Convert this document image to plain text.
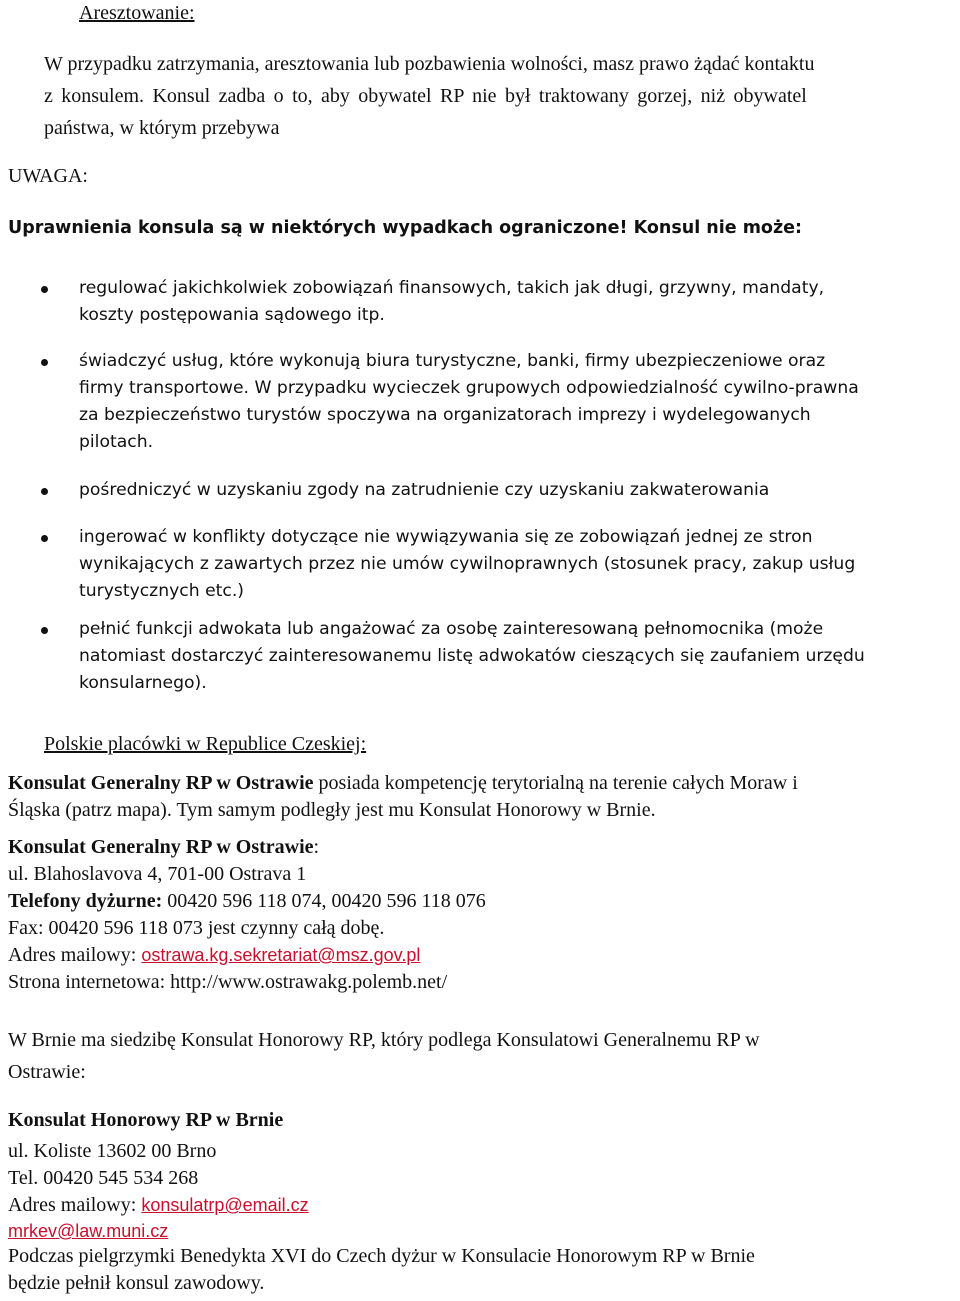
Aresztowanie:
W przypadku zatrzymania, aresztowania lub pozbawienia wolności, masz prawo żądać kontaktu
z konsulem. Konsul zadba o to, aby obywatel RP nie był traktowany gorzej, niż obywatel
państwa, w którym przebywa
UWAGA:
Uprawnienia konsula są w niektórych wypadkach ograniczone! Konsul nie może:
regulować jakichkolwiek zobowiązań finansowych, takich jak długi, grzywny, mandaty,
koszty postępowania sądowego itp.
świadczyć usług, które wykonują biura turystyczne, banki, firmy ubezpieczeniowe oraz
firmy transportowe. W przypadku wycieczek grupowych odpowiedzialność cywilno-prawna
za bezpieczeństwo turystów spoczywa na organizatorach imprezy i wydelegowanych
pilotach.
pośredniczyć w uzyskaniu zgody na zatrudnienie czy uzyskaniu zakwaterowania
ingerować w konflikty dotyczące nie wywiązywania się ze zobowiązań jednej ze stron
wynikających z zawartych przez nie umów cywilnoprawnych (stosunek pracy, zakup usług
turystycznych etc.)
pełnić funkcji adwokata lub angażować za osobę zainteresowaną pełnomocnika (może
natomiast dostarczyć zainteresowanemu listę adwokatów cieszących się zaufaniem urzędu
konsularnego).
Polskie placówki w Republice Czeskiej:
Konsulat Generalny RP w Ostrawie posiada kompetencję terytorialną na terenie całych Moraw i
Śląska (patrz mapa). Tym samym podległy jest mu Konsulat Honorowy w Brnie.
Konsulat Generalny RP w Ostrawie:
ul. Blahoslavova 4, 701-00 Ostrava 1
Telefony dyżurne: 00420 596 118 074, 00420 596 118 076
Fax: 00420 596 118 073 jest czynny całą dobę.
Adres mailowy: ostrawa.kg.sekretariat@msz.gov.pl
Strona internetowa: http://www.ostrawakg.polemb.net/
W Brnie ma siedzibę Konsulat Honorowy RP, który podlega Konsulatowi Generalnemu RP w
Ostrawie:
Konsulat Honorowy RP w Brnie
ul. Koliste 13602 00 Brno
Tel. 00420 545 534 268
Adres mailowy: konsulatrp@email.cz
mrkev@law.muni.cz
Podczas pielgrzymki Benedykta XVI do Czech dyżur w Konsulacie Honorowym RP w Brnie
będzie pełnił konsul zawodowy.
